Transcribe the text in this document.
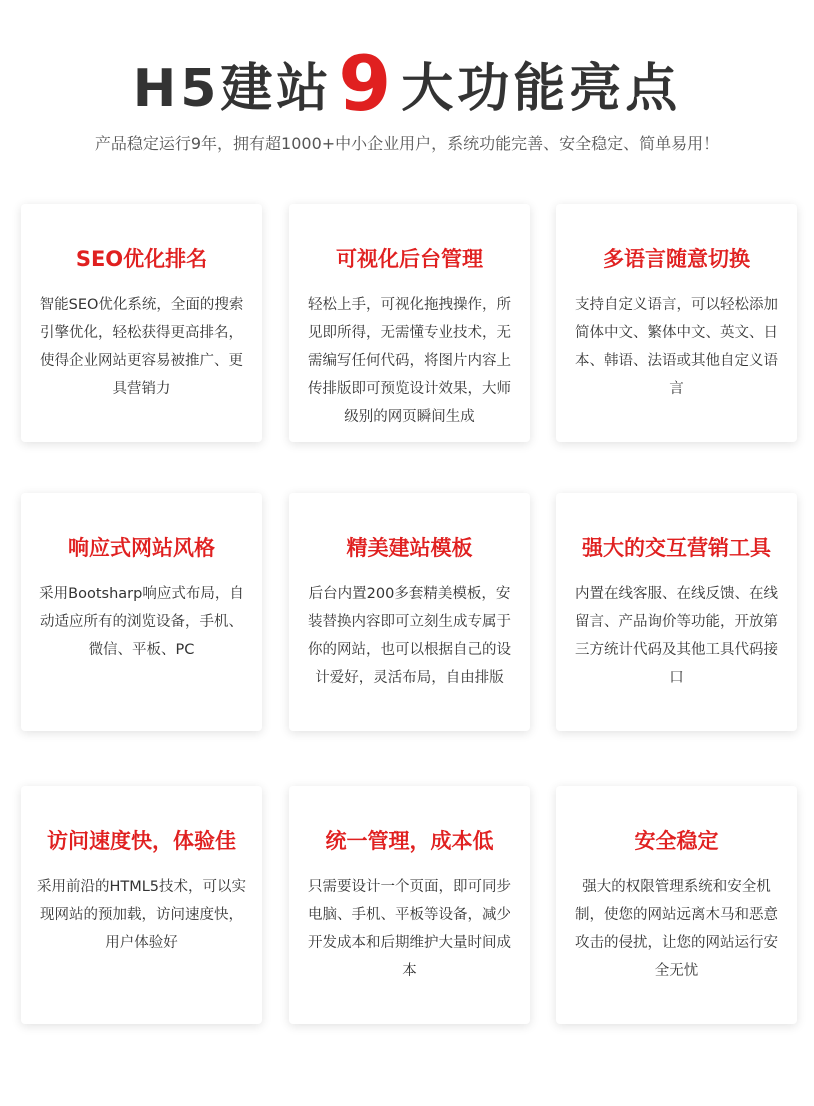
H5建站9 大功能亮点
产品稳定运行9年，拥有超1000+中小企业用户，系统功能完善、安全稳定、简单易用！
SEO优化排名
智能SEO优化系统，全面的搜索引擎优化，轻松获得更高排名，使得企业网站更容易被推广、更具营销力
可视化后台管理
轻松上手，可视化拖拽操作，所见即所得，无需懂专业技术，无需编写任何代码，将图片内容上传排版即可预览设计效果，大师级别的网页瞬间生成
多语言随意切换
支持自定义语言，可以轻松添加简体中文、繁体中文、英文、日本、韩语、法语或其他自定义语言
响应式网站风格
采用Bootsharp响应式布局，自动适应所有的浏览设备，手机、微信、平板、PC
精美建站模板
后台内置200多套精美模板，安装替换内容即可立刻生成专属于你的网站，也可以根据自己的设计爱好，灵活布局，自由排版
强大的交互营销工具
内置在线客服、在线反馈、在线留言、产品询价等功能，开放第三方统计代码及其他工具代码接口
访问速度快，体验佳
采用前沿的HTML5技术，可以实现网站的预加载，访问速度快，用户体验好
统一管理，成本低
只需要设计一个页面，即可同步电脑、手机、平板等设备，减少开发成本和后期维护大量时间成本
安全稳定
强大的权限管理系统和安全机制，使您的网站远离木马和恶意攻击的侵扰，让您的网站运行安全无忧
